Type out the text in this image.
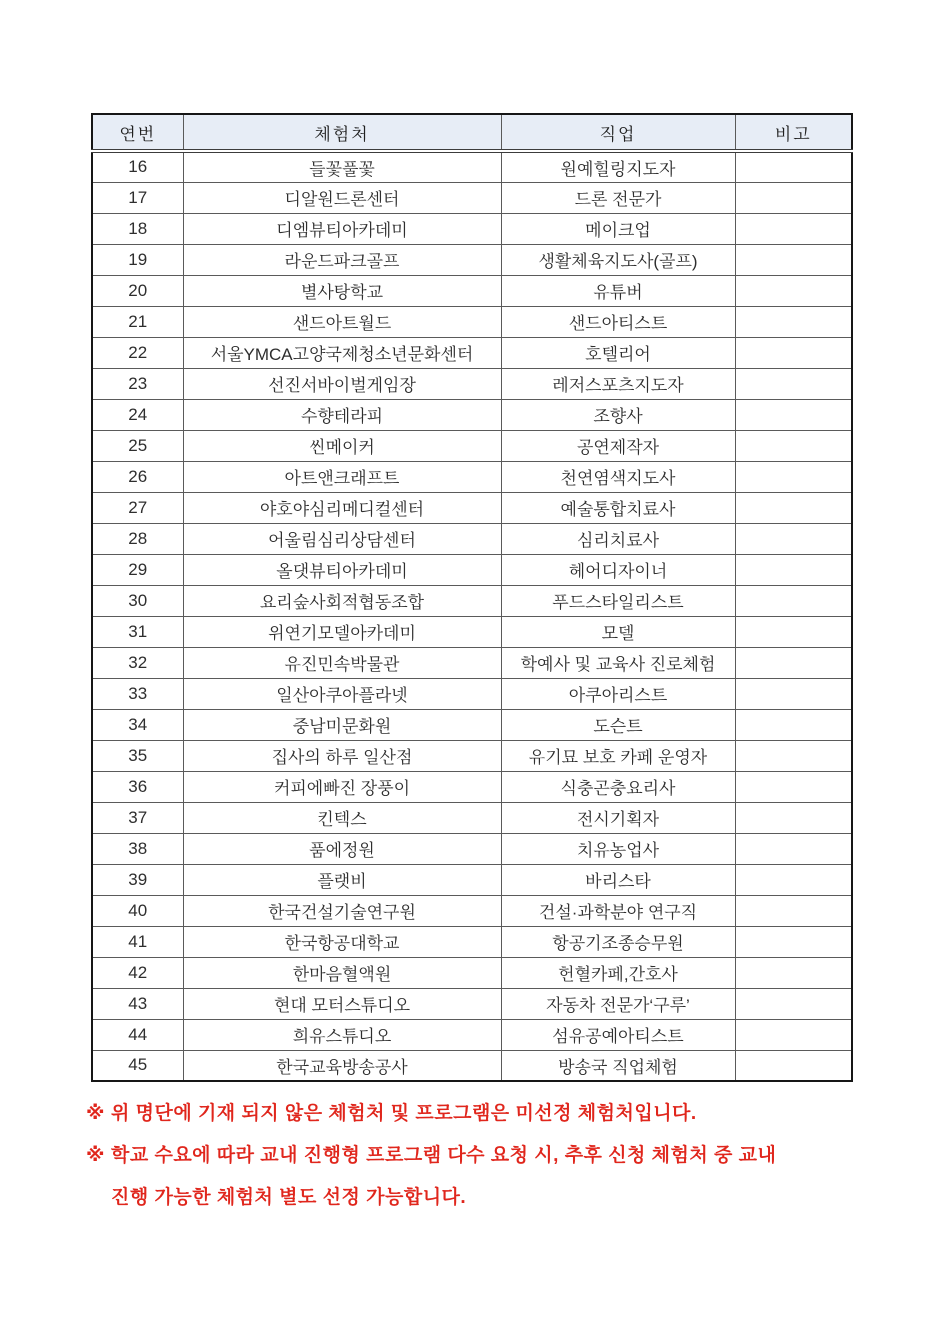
연번	체험처	직업	비고
16	들꽃풀꽃	원예힐링지도자	
17	디알원드론센터	드론 전문가	
18	디엠뷰티아카데미	메이크업	
19	라운드파크골프	생활체육지도사(골프)	
20	별사탕학교	유튜버	
21	샌드아트월드	샌드아티스트	
22	서울YMCA고양국제청소년문화센터	호텔리어	
23	선진서바이벌게임장	레저스포츠지도자	
24	수향테라피	조향사	
25	씬메이커	공연제작자	
26	아트앤크래프트	천연염색지도사	
27	야호야심리메디컬센터	예술통합치료사	
28	어울림심리상담센터	심리치료사	
29	올댓뷰티아카데미	헤어디자이너	
30	요리숲사회적협동조합	푸드스타일리스트	
31	위연기모델아카데미	모델	
32	유진민속박물관	학예사 및 교육사 진로체험	
33	일산아쿠아플라넷	아쿠아리스트	
34	중남미문화원	도슨트	
35	집사의 하루 일산점	유기묘 보호 카페 운영자	
36	커피에빠진 장풍이	식충곤충요리사	
37	킨텍스	전시기획자	
38	품에정원	치유농업사	
39	플랫비	바리스타	
40	한국건설기술연구원	건설·과학분야 연구직	
41	한국항공대학교	항공기조종승무원	
42	한마음혈액원	헌혈카페,간호사	
43	현대 모터스튜디오	자동차 전문가‘구루’	
44	희유스튜디오	섬유공예아티스트	
45	한국교육방송공사	방송국 직업체험	
※ 위 명단에 기재 되지 않은 체험처 및 프로그램은 미선정 체험처입니다.
※ 학교 수요에 따라 교내 진행형 프로그램 다수 요청 시, 추후 신청 체험처 중 교내
진행 가능한 체험처 별도 선정 가능합니다.
